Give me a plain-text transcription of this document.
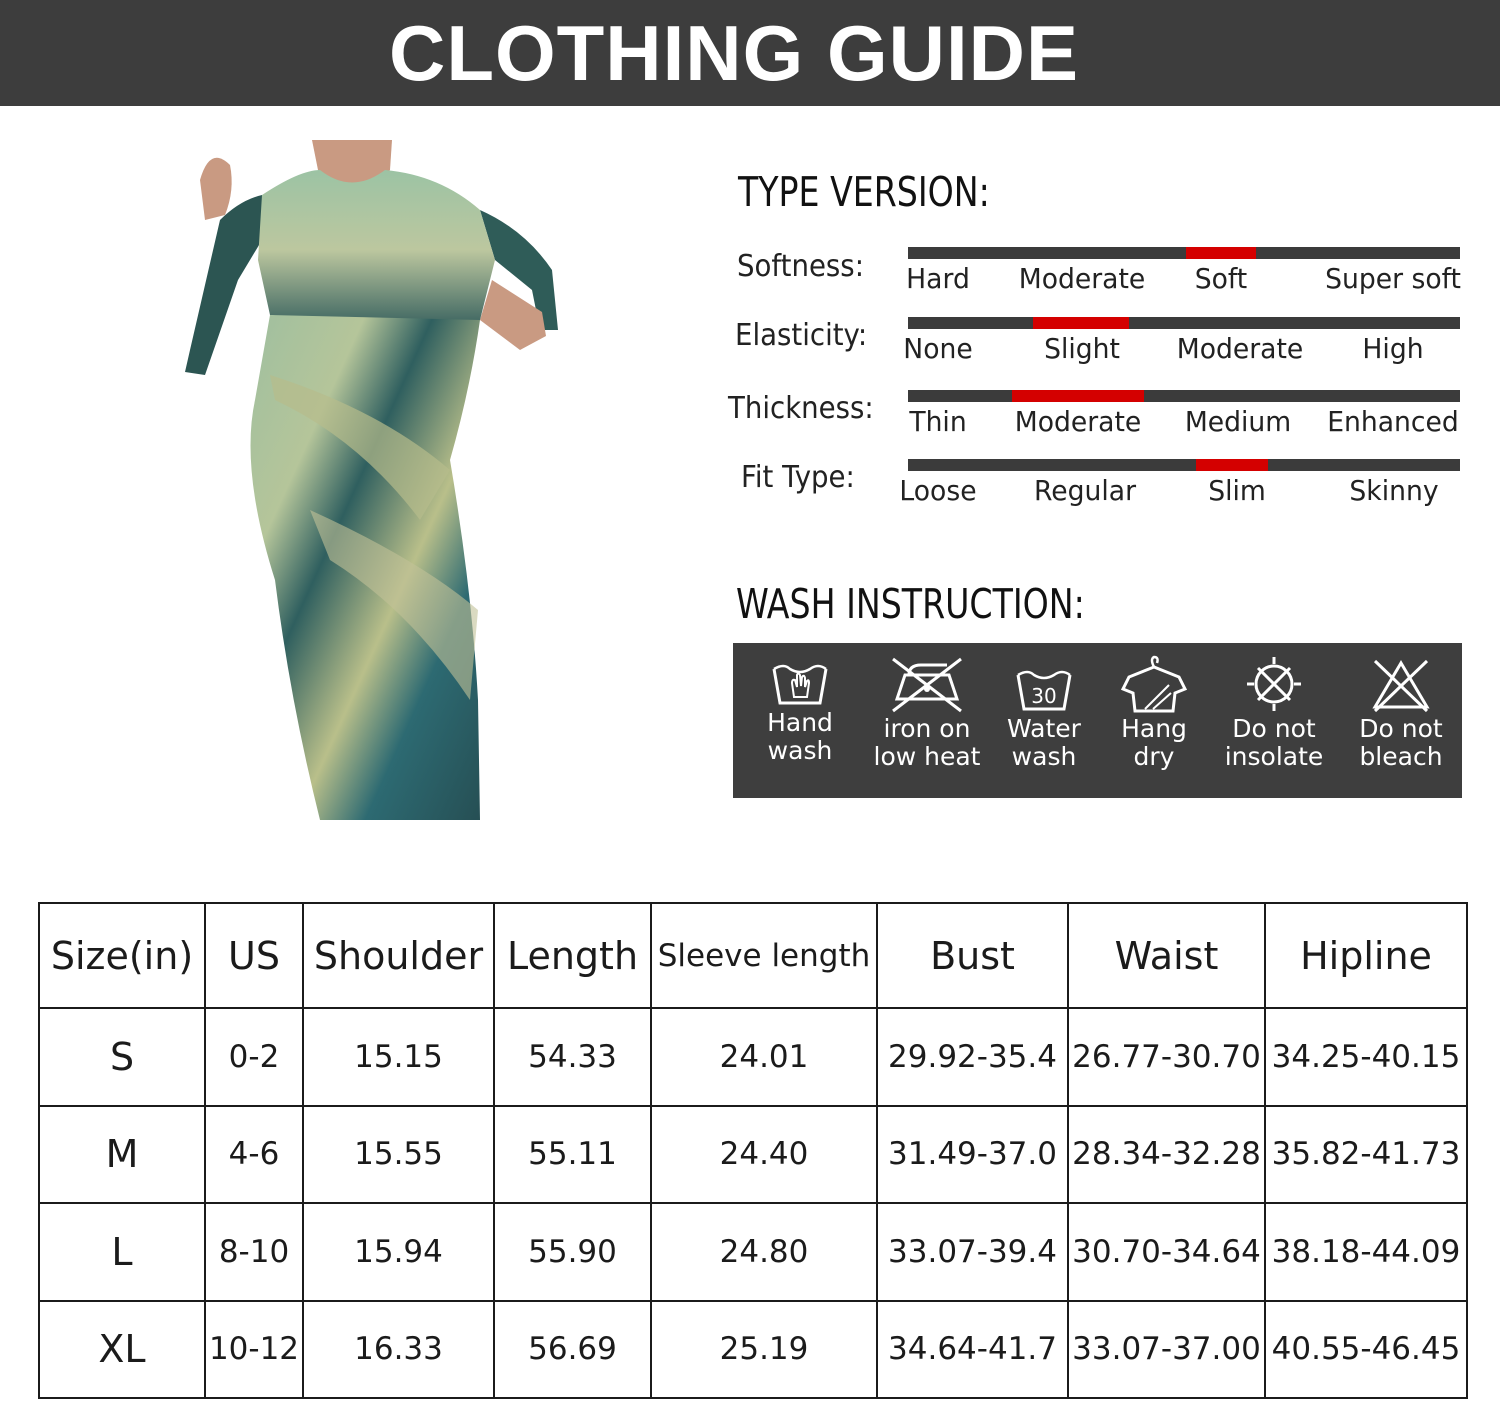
CLOTHING GUIDE
TYPE VERSION:
Softness: Hard Moderate Soft	Super soft
Elasticity: None	Slight Moderate High
Thickness: Thin Moderate Medium Enhanced
Fit Type: Loose Regular	Slim	Skinny
WASH INSTRUCTION:
Hand
wash
iron on
low heat
30
Water
wash
Hang
dry
Do not
insolate
Do not
bleach
Size(in)	US	Shoulder	Length	Sleeve length	Bust	Waist	Hipline
S	0-2	15.15	54.33	24.01	29.92-35.4	26.77-30.70	34.25-40.15
M	4-6	15.55	55.11	24.40	31.49-37.0	28.34-32.28	35.82-41.73
L	8-10	15.94	55.90	24.80	33.07-39.4	30.70-34.64	38.18-44.09
XL	10-12	16.33	56.69	25.19	34.64-41.7	33.07-37.00	40.55-46.45
